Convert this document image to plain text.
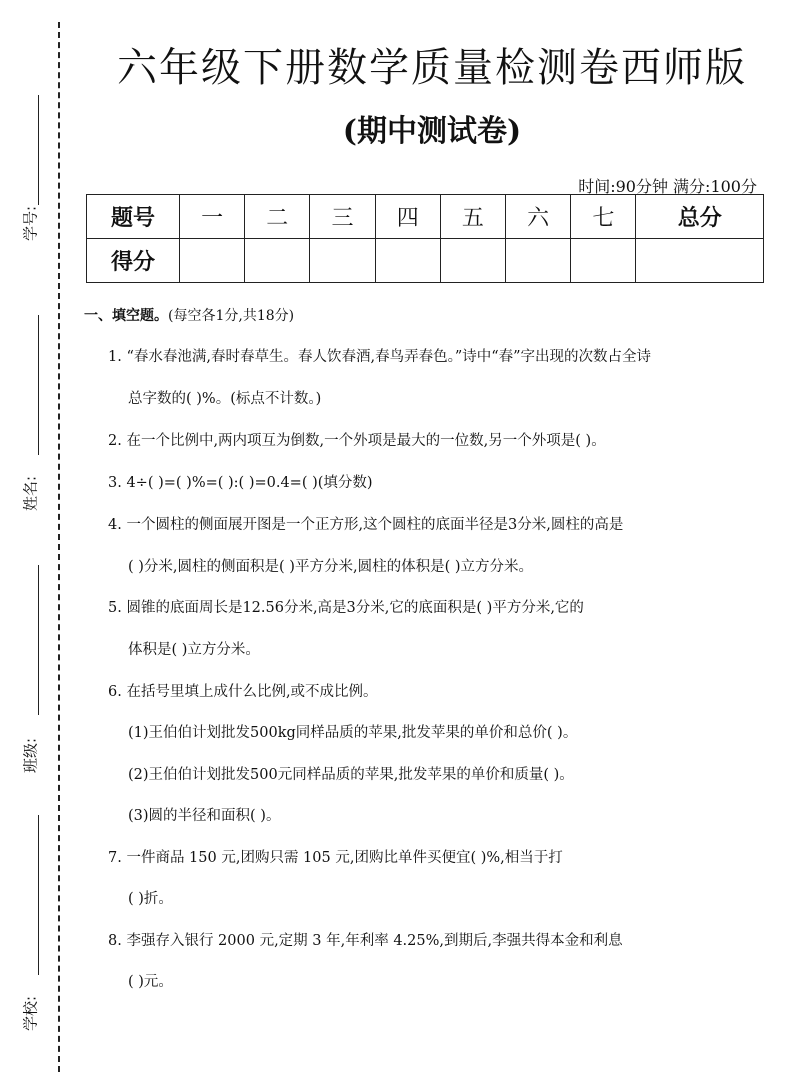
学号:
姓名:
班级:
学校:
六年级下册数学质量检测卷西师版
(期中测试卷)
时间:90分钟 满分:100分
题号	一	二	三	四	五	六	七	总分
得分								
一、填空题。(每空各1分,共18分)
1. “春水春池满,春时春草生。春人饮春酒,春鸟弄春色。”诗中“春”字出现的次数占全诗
总字数的( )%。(标点不计数。)
2. 在一个比例中,两内项互为倒数,一个外项是最大的一位数,另一个外项是( )。
3. 4÷( )=( )%=( ):( )=0.4=( )(填分数)
4. 一个圆柱的侧面展开图是一个正方形,这个圆柱的底面半径是3分米,圆柱的高是
( )分米,圆柱的侧面积是( )平方分米,圆柱的体积是( )立方分米。
5. 圆锥的底面周长是12.56分米,高是3分米,它的底面积是( )平方分米,它的
体积是( )立方分米。
6. 在括号里填上成什么比例,或不成比例。
(1)王伯伯计划批发500kg同样品质的苹果,批发苹果的单价和总价( )。
(2)王伯伯计划批发500元同样品质的苹果,批发苹果的单价和质量( )。
(3)圆的半径和面积( )。
7. 一件商品 150 元,团购只需 105 元,团购比单件买便宜( )%,相当于打
( )折。
8. 李强存入银行 2000 元,定期 3 年,年利率 4.25%,到期后,李强共得本金和利息
( )元。
